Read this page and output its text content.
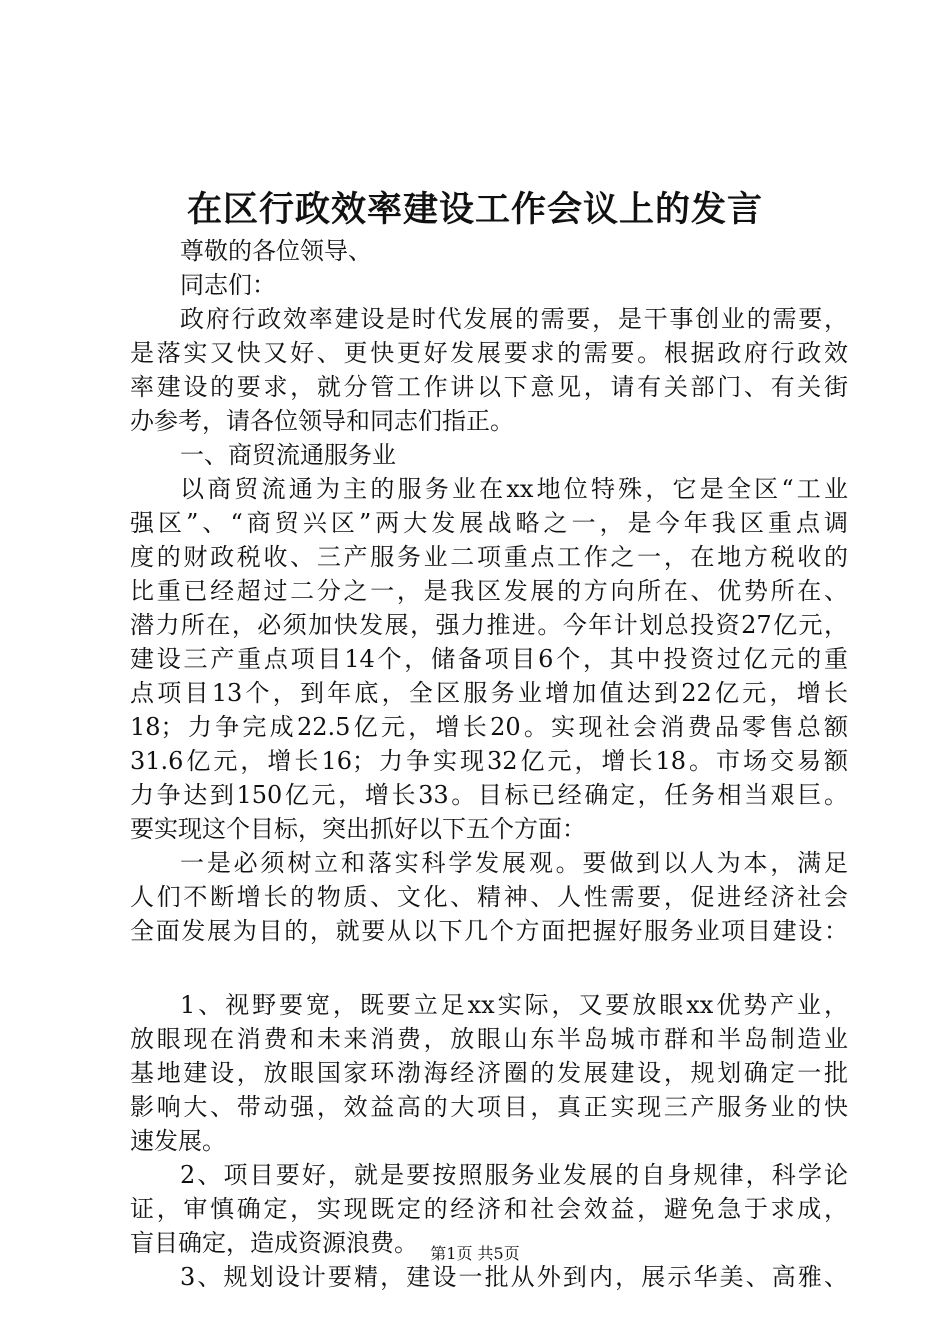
在区行政效率建设工作会议上的发言
尊敬的各位领导、
同志们：
政府行政效率建设是时代发展的需要，是干事创业的需要，
是落实又快又好、更快更好发展要求的需要。根据政府行政效
率建设的要求，就分管工作讲以下意见，请有关部门、有关街
办参考，请各位领导和同志们指正。
一、商贸流通服务业
以商贸流通为主的服务业在xx地位特殊，它是全区“工业
强区”、“商贸兴区”两大发展战略之一，是今年我区重点调
度的财政税收、三产服务业二项重点工作之一，在地方税收的
比重已经超过二分之一，是我区发展的方向所在、优势所在、
潜力所在，必须加快发展，强力推进。今年计划总投资27亿元，
建设三产重点项目14个，储备项目6个，其中投资过亿元的重
点项目13个，到年底，全区服务业增加值达到22亿元，增长
18；力争完成22.5亿元，增长20。实现社会消费品零售总额
31.6亿元，增长16；力争实现32亿元，增长18。市场交易额
力争达到150亿元，增长33。目标已经确定，任务相当艰巨。
要实现这个目标，突出抓好以下五个方面：
一是必须树立和落实科学发展观。要做到以人为本，满足
人们不断增长的物质、文化、精神、人性需要，促进经济社会
全面发展为目的，就要从以下几个方面把握好服务业项目建设：
1、视野要宽，既要立足xx实际，又要放眼xx优势产业，
放眼现在消费和未来消费，放眼山东半岛城市群和半岛制造业
基地建设，放眼国家环渤海经济圈的发展建设，规划确定一批
影响大、带动强，效益高的大项目，真正实现三产服务业的快
速发展。
2、项目要好，就是要按照服务业发展的自身规律，科学论
证，审慎确定，实现既定的经济和社会效益，避免急于求成，
盲目确定，造成资源浪费。
3、规划设计要精，建设一批从外到内，展示华美、高雅、
第1页 共5页
